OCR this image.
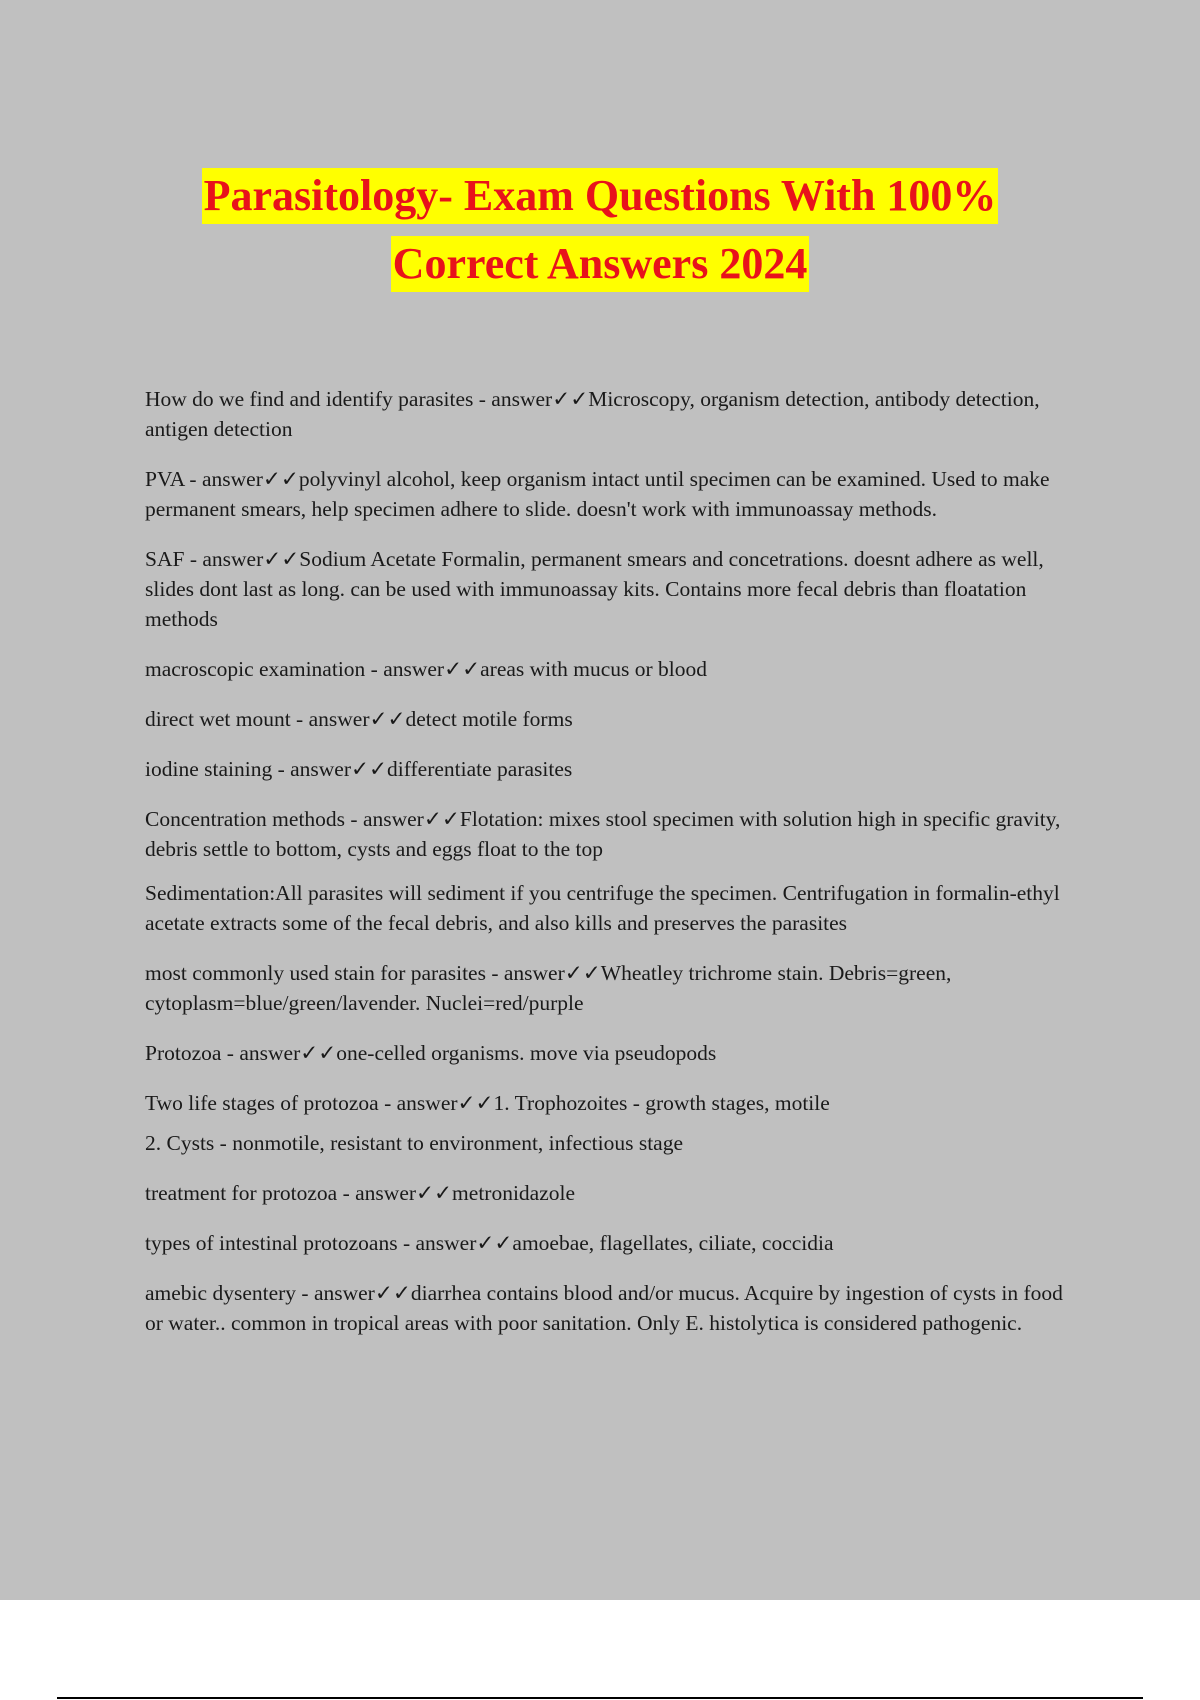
Parasitology- Exam Questions With 100%
Correct Answers 2024

How do we find and identify parasites - answer✓✓Microscopy, organism detection, antibody detection, antigen detection

PVA - answer✓✓polyvinyl alcohol, keep organism intact until specimen can be examined. Used to make permanent smears, help specimen adhere to slide. doesn't work with immunoassay methods.

SAF - answer✓✓Sodium Acetate Formalin, permanent smears and concetrations. doesnt adhere as well, slides dont last as long. can be used with immunoassay kits. Contains more fecal debris than floatation methods

macroscopic examination - answer✓✓areas with mucus or blood

direct wet mount - answer✓✓detect motile forms

iodine staining - answer✓✓differentiate parasites

Concentration methods - answer✓✓Flotation: mixes stool specimen with solution high in specific gravity, debris settle to bottom, cysts and eggs float to the top

Sedimentation:All parasites will sediment if you centrifuge the specimen. Centrifugation in formalin-ethyl acetate extracts some of the fecal debris, and also kills and preserves the parasites

most commonly used stain for parasites - answer✓✓Wheatley trichrome stain. Debris=green, cytoplasm=blue/green/lavender. Nuclei=red/purple

Protozoa - answer✓✓one-celled organisms. move via pseudopods

Two life stages of protozoa - answer✓✓1. Trophozoites - growth stages, motile

2. Cysts - nonmotile, resistant to environment, infectious stage

treatment for protozoa - answer✓✓metronidazole

types of intestinal protozoans - answer✓✓amoebae, flagellates, ciliate, coccidia

amebic dysentery - answer✓✓diarrhea contains blood and/or mucus. Acquire by ingestion of cysts in food or water.. common in tropical areas with poor sanitation. Only E. histolytica is considered pathogenic.
